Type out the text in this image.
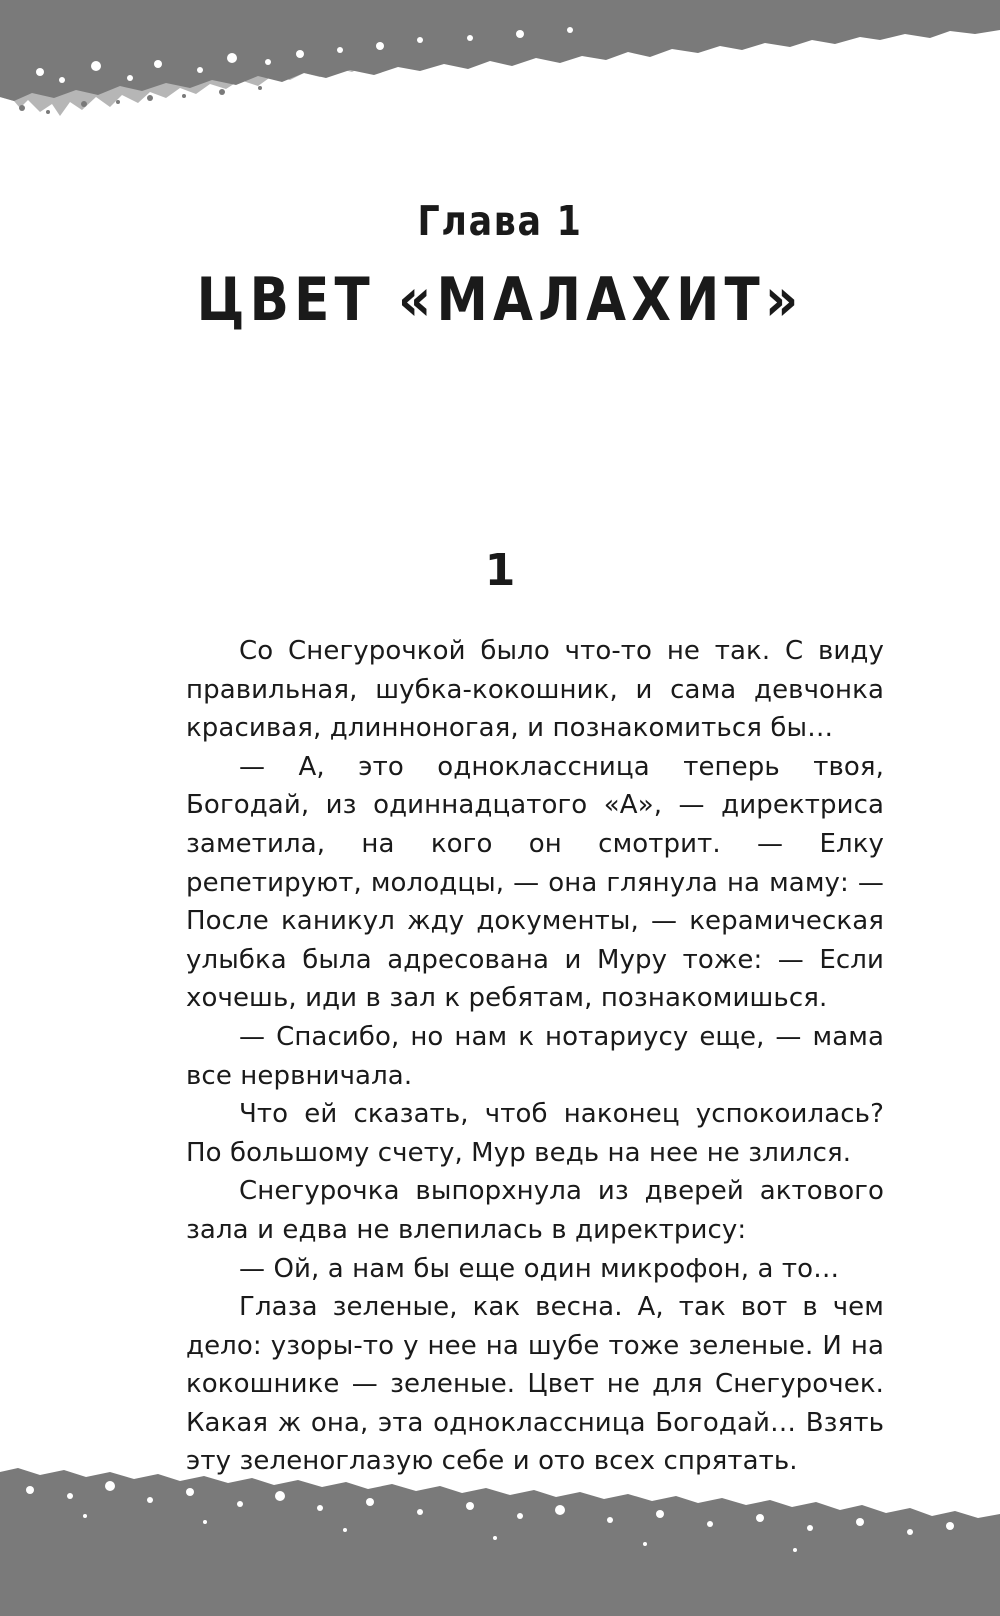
Глава 1
ЦВЕТ «МАЛАХИТ»
1

Со Снегурочкой было что-то не так. С виду правильная, шубка-кокошник, и сама девчонка красивая, длинноногая, и познакомиться бы…

— А, это одноклассница теперь твоя, Богодай, из одиннадцатого «А», — директриса заметила, на кого он смотрит. — Елку репетируют, молодцы, — она глянула на маму: — После каникул жду документы, — керамическая улыбка была адресована и Муру тоже: — Если хочешь, иди в зал к ребятам, познакомишься.

— Спасибо, но нам к нотариусу еще, — мама все нервничала.

Что ей сказать, чтоб наконец успокоилась? По большому счету, Мур ведь на нее не злился.

Снегурочка выпорхнула из дверей актового зала и едва не влепилась в директрису:

— Ой, а нам бы еще один микрофон, а то…

Глаза зеленые, как весна. А, так вот в чем дело: узоры-то у нее на шубе тоже зеленые. И на кокошнике — зеленые. Цвет не для Снегурочек. Какая ж она, эта одноклассница Богодай… Взять эту зеленоглазую себе и ото всех спрятать.
